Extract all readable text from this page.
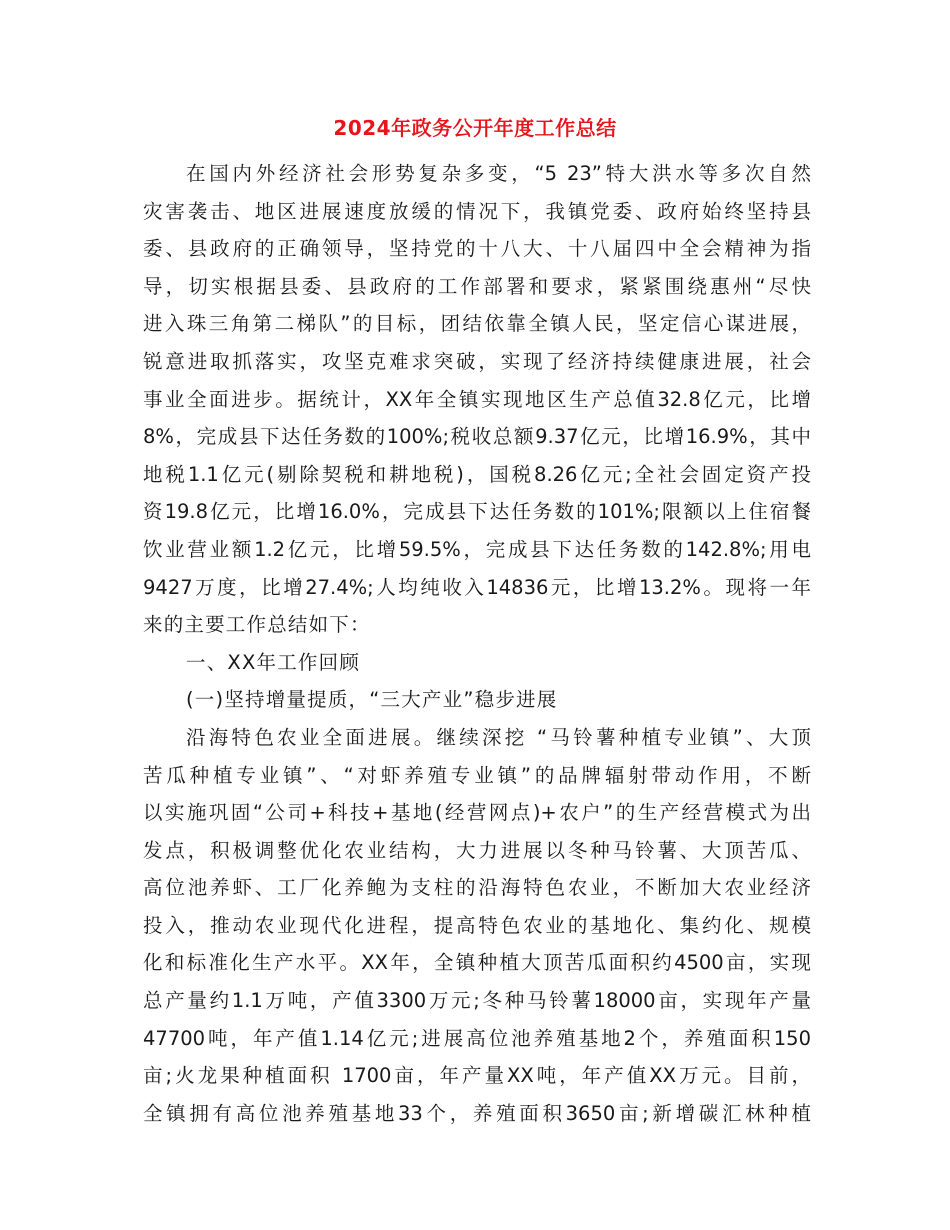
2024年政务公开年度工作总结
在国内外经济社会形势复杂多变，“5 23”特大洪水等多次自然
灾害袭击、地区进展速度放缓的情况下，我镇党委、政府始终坚持县
委、县政府的正确领导，坚持党的十八大、十八届四中全会精神为指
导，切实根据县委、县政府的工作部署和要求，紧紧围绕惠州“尽快
进入珠三角第二梯队”的目标，团结依靠全镇人民，坚定信心谋进展，
锐意进取抓落实，攻坚克难求突破，实现了经济持续健康进展，社会
事业全面进步。据统计，XX年全镇实现地区生产总值32.8亿元，比增
8%，完成县下达任务数的100%;税收总额9.37亿元，比增16.9%，其中
地税1.1亿元(剔除契税和耕地税)，国税8.26亿元;全社会固定资产投
资19.8亿元，比增16.0%，完成县下达任务数的101%;限额以上住宿餐
饮业营业额1.2亿元，比增59.5%，完成县下达任务数的142.8%;用电
9427万度，比增27.4%;人均纯收入14836元，比增13.2%。现将一年
来的主要工作总结如下：
一、XX年工作回顾
(一)坚持增量提质，“三大产业”稳步进展
沿海特色农业全面进展。继续深挖 “马铃薯种植专业镇”、大顶
苦瓜种植专业镇”、“对虾养殖专业镇”的品牌辐射带动作用，不断
以实施巩固“公司+科技+基地(经营网点)+农户”的生产经营模式为出
发点，积极调整优化农业结构，大力进展以冬种马铃薯、大顶苦瓜、
高位池养虾、工厂化养鲍为支柱的沿海特色农业，不断加大农业经济
投入，推动农业现代化进程，提高特色农业的基地化、集约化、规模
化和标准化生产水平。XX年，全镇种植大顶苦瓜面积约4500亩，实现
总产量约1.1万吨，产值3300万元;冬种马铃薯18000亩，实现年产量
47700吨，年产值1.14亿元;进展高位池养殖基地2个，养殖面积150
亩;火龙果种植面积 1700亩，年产量XX吨，年产值XX万元。目前，
全镇拥有高位池养殖基地33个，养殖面积3650亩;新增碳汇林种植
